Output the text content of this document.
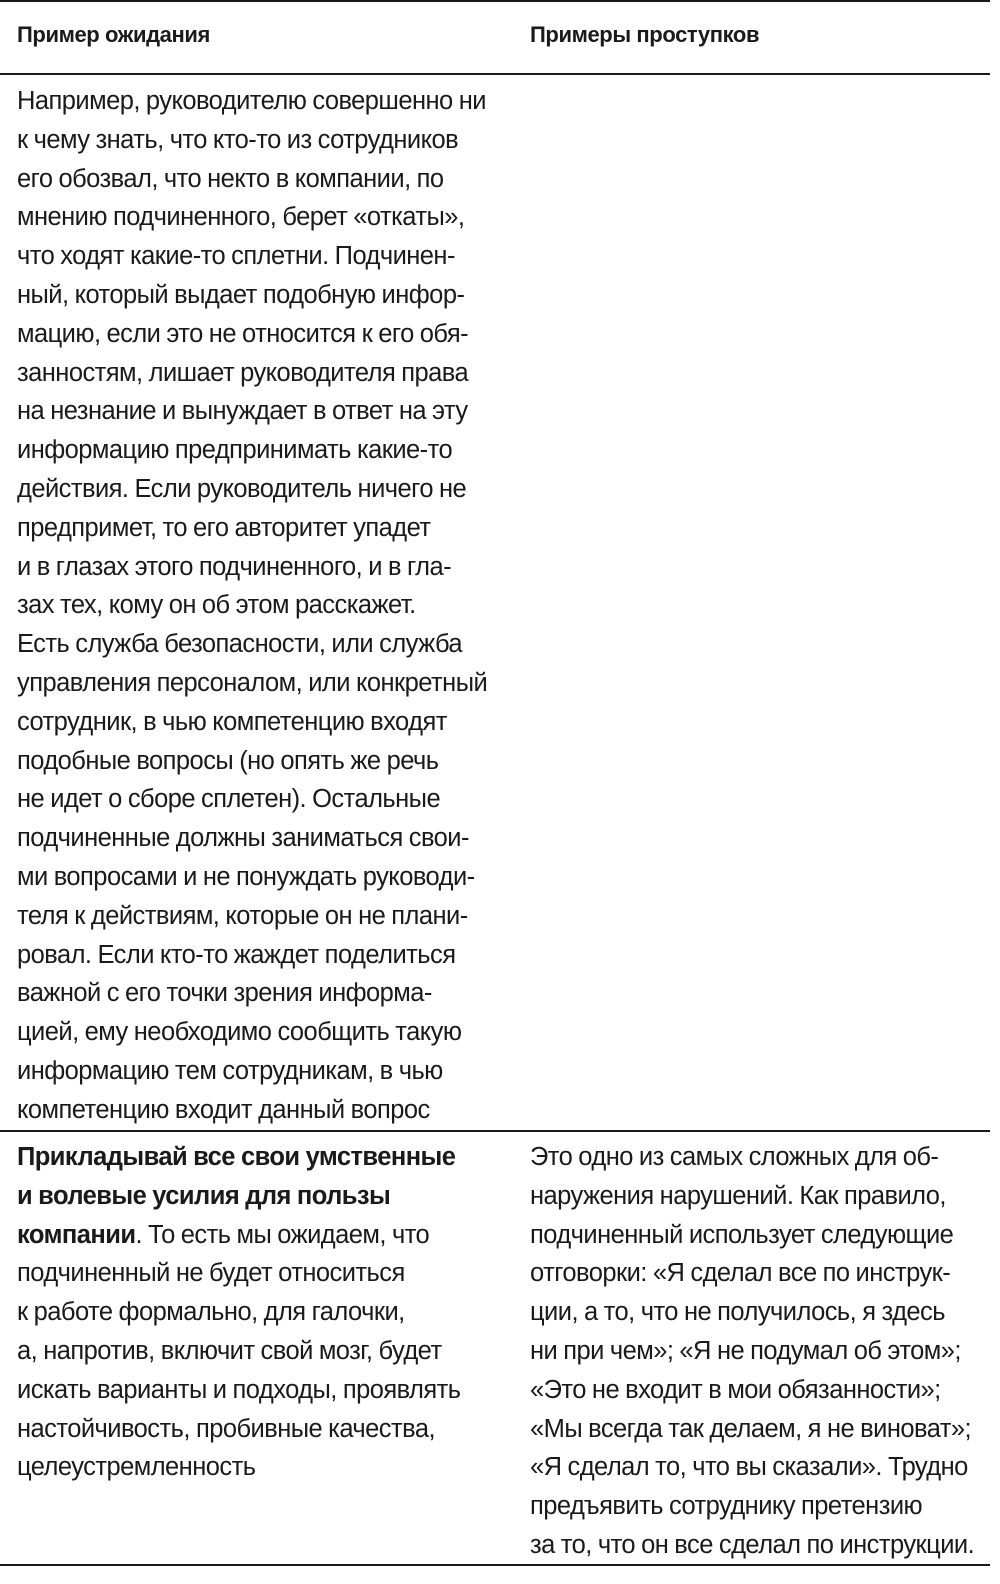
Пример ожидания	Примеры проступков
Например, руководителю совершенно ни
к чему знать, что кто-то из сотрудников
его обозвал, что некто в компании, по
мнению подчиненного, берет «откаты»,
что ходят какие-то сплетни. Подчинен-
ный, который выдает подобную инфор-
мацию, если это не относится к его обя-
занностям, лишает руководителя права
на незнание и вынуждает в ответ на эту
информацию предпринимать какие-то
действия. Если руководитель ничего не
предпримет, то его авторитет упадет
и в глазах этого подчиненного, и в гла-
зах тех, кому он об этом расскажет.
Есть служба безопасности, или служба
управления персоналом, или конкретный
сотрудник, в чью компетенцию входят
подобные вопросы (но опять же речь
не идет о сборе сплетен). Остальные
подчиненные должны заниматься свои-
ми вопросами и не понуждать руководи-
теля к действиям, которые он не плани-
ровал. Если кто-то жаждет поделиться
важной с его точки зрения информа-
цией, ему необходимо сообщить такую
информацию тем сотрудникам, в чью
компетенцию входит данный вопрос
Прикладывай все свои умственные
и волевые усилия для пользы
компании. То есть мы ожидаем, что
подчиненный не будет относиться
к работе формально, для галочки,
а, напротив, включит свой мозг, будет
искать варианты и подходы, проявлять
настойчивость, пробивные качества,
целеустремленность
Это одно из самых сложных для об-
наружения нарушений. Как правило,
подчиненный использует следующие
отговорки: «Я сделал все по инструк-
ции, а то, что не получилось, я здесь
ни при чем»; «Я не подумал об этом»;
«Это не входит в мои обязанности»;
«Мы всегда так делаем, я не виноват»;
«Я сделал то, что вы сказали». Трудно
предъявить сотруднику претензию
за то, что он все сделал по инструкции.
